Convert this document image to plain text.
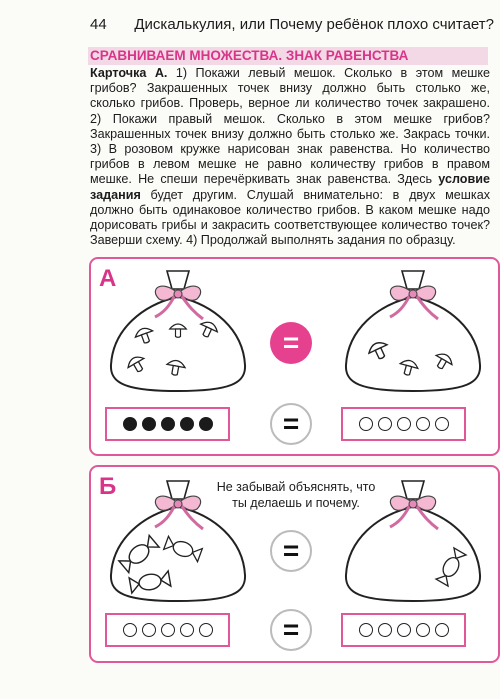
44 Дискалькулия, или Почему ребёнок плохо считает?
СРАВНИВАЕМ МНОЖЕСТВА. ЗНАК РАВЕНСТВА
Карточка А. 1) Покажи левый мешок. Сколько в этом мешке грибов? Закрашенных точек внизу должно быть столько же, сколько грибов. Проверь, верное ли количество точек закрашено. 2) Покажи правый мешок. Сколько в этом мешке грибов? Закрашенных точек внизу должно быть столько же. Закрась точки. 3) В розовом кружке нарисован знак равенства. Но количество грибов в левом мешке не равно количеству грибов в правом мешке. Не спеши перечёркивать знак равенства. Здесь условие задания будет другим. Слушай внимательно: в двух мешках должно быть одинаковое количество грибов. В каком мешке надо дорисовать грибы и закрасить соответствующее количество точек? Заверши схему. 4) Продолжай выполнять задания по образцу.
А
=
=
Б	Не забывай объяснять, что ты делаешь и почему.
=
=
